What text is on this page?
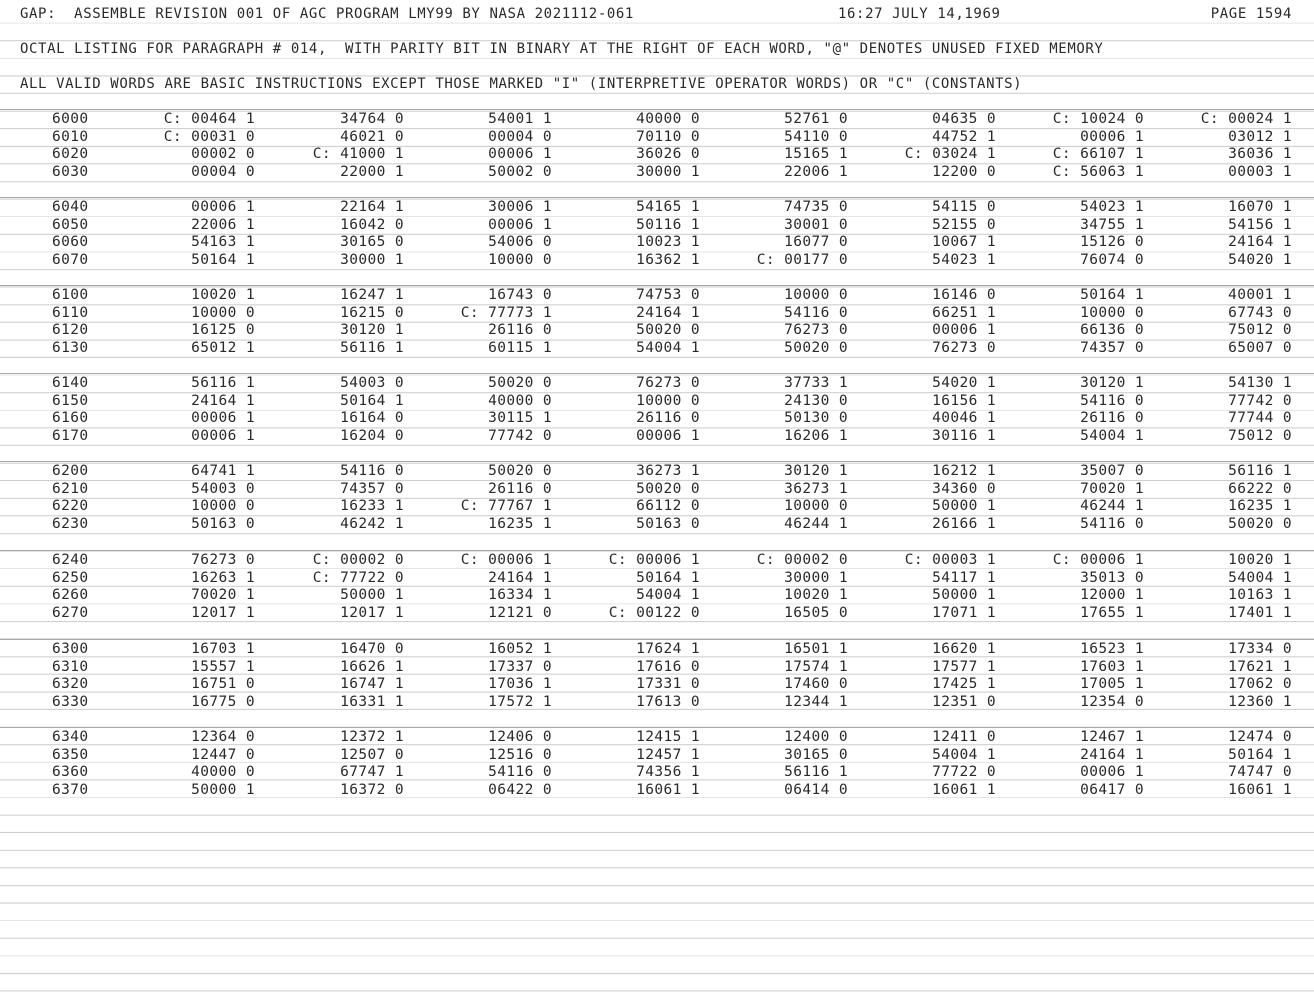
GAP:  ASSEMBLE REVISION 001 OF AGC PROGRAM LMY99 BY NASA 2021112-061

	16:27 JULY 14,1969

	PAGE 1594

OCTAL LISTING FOR PARAGRAPH # 014,  WITH PARITY BIT IN BINARY AT THE RIGHT OF EACH WORD, "@" DENOTES UNUSED FIXED MEMORY

ALL VALID WORDS ARE BASIC INSTRUCTIONS EXCEPT THOSE MARKED "I" (INTERPRETIVE OPERATOR WORDS) OR "C" (CONSTANTS)

6000	C: 00464 1	34764 0	54001 1	40000 0	52761 0	04635 0	C: 10024 0	C: 00024 1
6010	C: 00031 0	46021 0	00004 0	70110 0	54110 0	44752 1	00006 1	03012 1
6020	00002 0	C: 41000 1	00006 1	36026 0	15165 1	C: 03024 1	C: 66107 1	36036 1
6030	00004 0	22000 1	50002 0	30000 1	22006 1	12200 0	C: 56063 1	00003 1
6040	00006 1	22164 1	30006 1	54165 1	74735 0	54115 0	54023 1	16070 1
6050	22006 1	16042 0	00006 1	50116 1	30001 0	52155 0	34755 1	54156 1
6060	54163 1	30165 0	54006 0	10023 1	16077 0	10067 1	15126 0	24164 1
6070	50164 1	30000 1	10000 0	16362 1	C: 00177 0	54023 1	76074 0	54020 1
6100	10020 1	16247 1	16743 0	74753 0	10000 0	16146 0	50164 1	40001 1
6110	10000 0	16215 0	C: 77773 1	24164 1	54116 0	66251 1	10000 0	67743 0
6120	16125 0	30120 1	26116 0	50020 0	76273 0	00006 1	66136 0	75012 0
6130	65012 1	56116 1	60115 1	54004 1	50020 0	76273 0	74357 0	65007 0
6140	56116 1	54003 0	50020 0	76273 0	37733 1	54020 1	30120 1	54130 1
6150	24164 1	50164 1	40000 0	10000 0	24130 0	16156 1	54116 0	77742 0
6160	00006 1	16164 0	30115 1	26116 0	50130 0	40046 1	26116 0	77744 0
6170	00006 1	16204 0	77742 0	00006 1	16206 1	30116 1	54004 1	75012 0
6200	64741 1	54116 0	50020 0	36273 1	30120 1	16212 1	35007 0	56116 1
6210	54003 0	74357 0	26116 0	50020 0	36273 1	34360 0	70020 1	66222 0
6220	10000 0	16233 1	C: 77767 1	66112 0	10000 0	50000 1	46244 1	16235 1
6230	50163 0	46242 1	16235 1	50163 0	46244 1	26166 1	54116 0	50020 0
6240	76273 0	C: 00002 0	C: 00006 1	C: 00006 1	C: 00002 0	C: 00003 1	C: 00006 1	10020 1
6250	16263 1	C: 77722 0	24164 1	50164 1	30000 1	54117 1	35013 0	54004 1
6260	70020 1	50000 1	16334 1	54004 1	10020 1	50000 1	12000 1	10163 1
6270	12017 1	12017 1	12121 0	C: 00122 0	16505 0	17071 1	17655 1	17401 1
6300	16703 1	16470 0	16052 1	17624 1	16501 1	16620 1	16523 1	17334 0
6310	15557 1	16626 1	17337 0	17616 0	17574 1	17577 1	17603 1	17621 1
6320	16751 0	16747 1	17036 1	17331 0	17460 0	17425 1	17005 1	17062 0
6330	16775 0	16331 1	17572 1	17613 0	12344 1	12351 0	12354 0	12360 1
6340	12364 0	12372 1	12406 0	12415 1	12400 0	12411 0	12467 1	12474 0
6350	12447 0	12507 0	12516 0	12457 1	30165 0	54004 1	24164 1	50164 1
6360	40000 0	67747 1	54116 0	74356 1	56116 1	77722 0	00006 1	74747 0
6370	50000 1	16372 0	06422 0	16061 1	06414 0	16061 1	06417 0	16061 1
